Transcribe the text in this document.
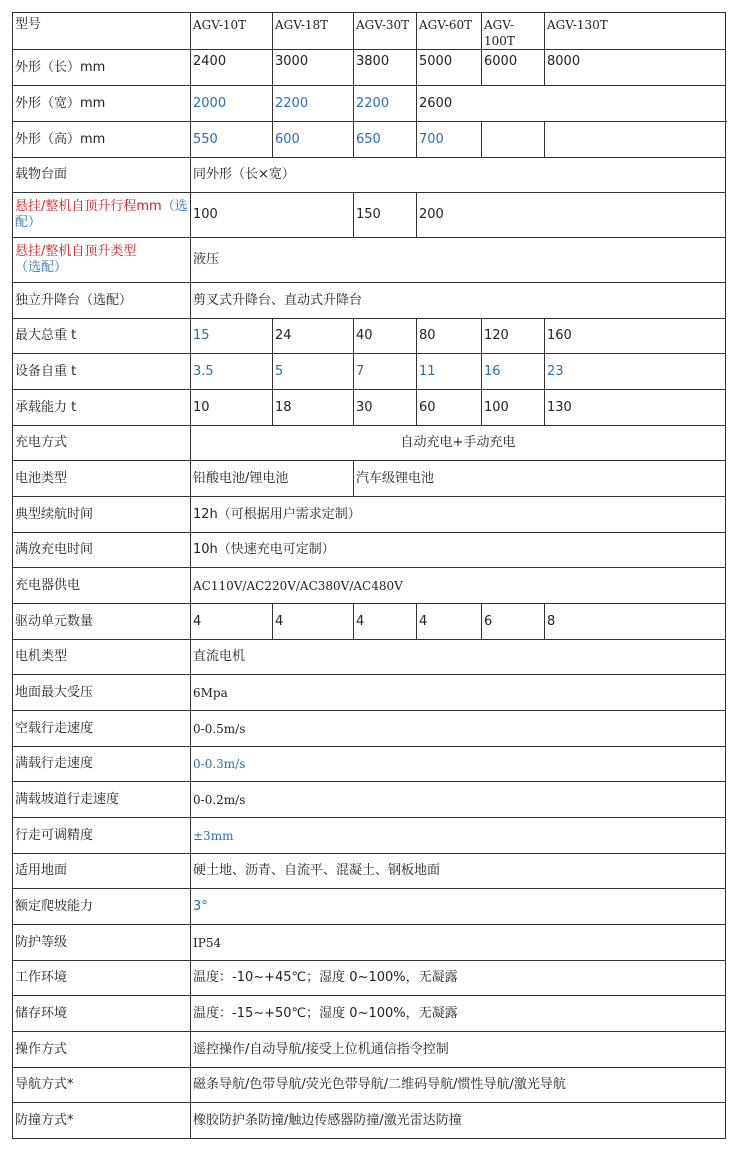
型号	AGV-10T	AGV-18T	AGV-30T	AGV-60T	AGV-100T	AGV-130T
外形（长）mm	2400	3000	3800	5000	6000	8000
外形（宽）mm	2000	2200	2200	2600		
外形（高）mm	550	600	650	700		
载物台面	同外形（长×宽）					
悬挂/整机自顶升行程mm（选配）	100		150	200		
悬挂/整机自顶升类型（选配）	液压					
独立升降台（选配）	剪叉式升降台、直动式升降台					
最大总重 t	15	24	40	80	120	160
设备自重 t	3.5	5	7	11	16	23
承载能力 t	10	18	30	60	100	130
充电方式	自动充电+手动充电					
电池类型	铅酸电池/锂电池		汽车级锂电池			
典型续航时间	12h（可根据用户需求定制）					
满放充电时间	10h（快速充电可定制）					
充电器供电	AC110V/AC220V/AC380V/AC480V					
驱动单元数量	4	4	4	4	6	8
电机类型	直流电机					
地面最大受压	6Mpa					
空载行走速度	0-0.5m/s					
满载行走速度	0-0.3m/s					
满载坡道行走速度	0-0.2m/s					
行走可调精度	±3mm					
适用地面	硬土地、沥青、自流平、混凝土、钢板地面					
额定爬坡能力	3°					
防护等级	IP54					
工作环境	温度：-10~+45℃；湿度 0~100%，无凝露					
储存环境	温度：-15~+50℃；湿度 0~100%，无凝露					
操作方式	遥控操作/自动导航/接受上位机通信指令控制					
导航方式*	磁条导航/色带导航/荧光色带导航/二维码导航/惯性导航/激光导航					
防撞方式*	橡胶防护条防撞/触边传感器防撞/激光雷达防撞					
